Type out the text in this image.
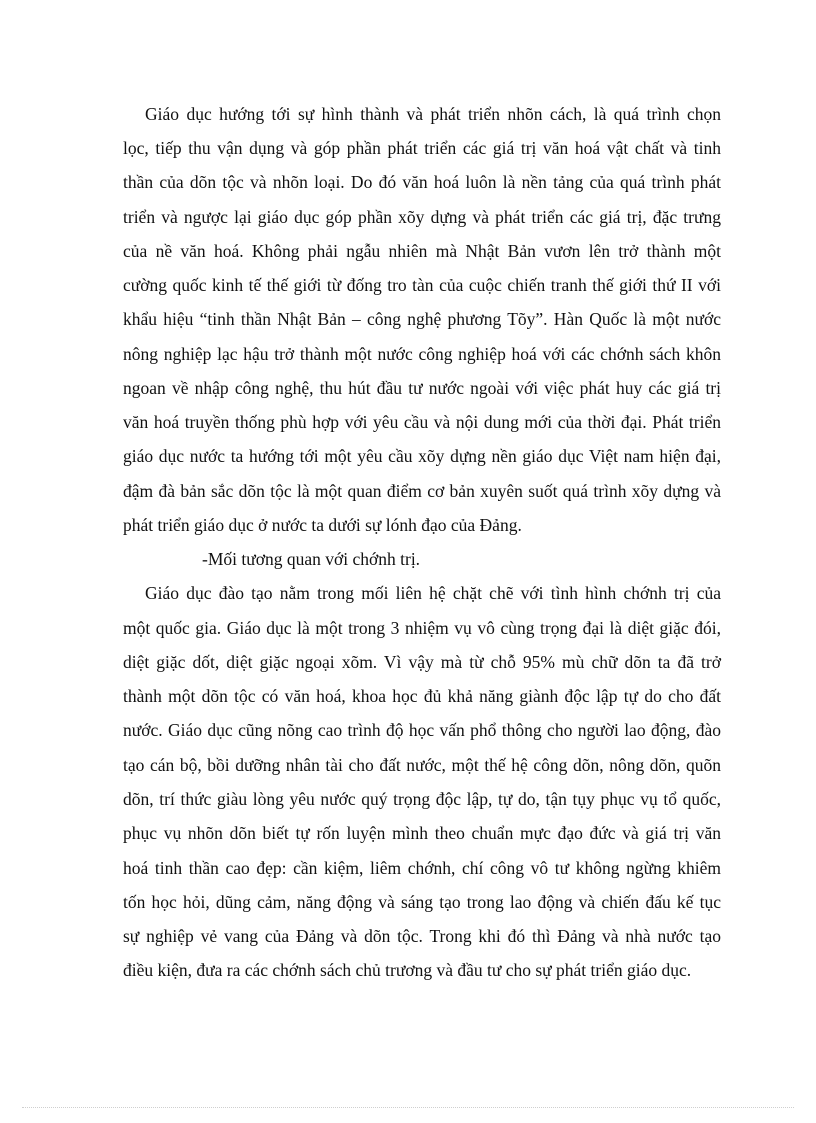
Giáo dục hướng tới sự hình thành và phát triển nhõn cách, là quá trình chọn
lọc, tiếp thu vận dụng và góp phần phát triển các giá trị văn hoá vật chất và tinh
thần của dõn tộc và nhõn loại. Do đó văn hoá luôn là nền tảng của quá trình phát
triển và ngược lại giáo dục góp phần xõy dựng và phát triển các giá trị, đặc trưng
của nề văn hoá. Không phải ngẫu nhiên mà Nhật Bản vươn lên trở thành một
cường quốc kinh tế thế giới từ đống tro tàn của cuộc chiến tranh thế giới thứ II với
khẩu hiệu “tinh thần Nhật Bản – công nghệ phương Tõy”. Hàn Quốc là một nước
nông nghiệp lạc hậu trở thành một nước công nghiệp hoá với các chớnh sách khôn
ngoan về nhập công nghệ, thu hút đầu tư nước ngoài với việc phát huy các giá trị
văn hoá truyền thống phù hợp với yêu cầu và nội dung mới của thời đại. Phát triển
giáo dục nước ta hướng tới một yêu cầu xõy dựng nền giáo dục Việt nam hiện đại,
đậm đà bản sắc dõn tộc là một quan điểm cơ bản xuyên suốt quá trình xõy dựng và
phát triển giáo dục ở nước ta dưới sự lónh đạo của Đảng.
-Mối tương quan với chớnh trị.
Giáo dục đào tạo nằm trong mối liên hệ chặt chẽ với tình hình chớnh trị của
một quốc gia. Giáo dục là một trong 3 nhiệm vụ vô cùng trọng đại là diệt giặc đói,
diệt giặc dốt, diệt giặc ngoại xõm. Vì vậy mà từ chỗ 95% mù chữ dõn ta đã trở
thành một dõn tộc có văn hoá, khoa học đủ khả năng giành độc lập tự do cho đất
nước. Giáo dục cũng nõng cao trình độ học vấn phổ thông cho người lao động, đào
tạo cán bộ, bồi dưỡng nhân tài cho đất nước, một thế hệ công dõn, nông dõn, quõn
dõn, trí thức giàu lòng yêu nước quý trọng độc lập, tự do, tận tụy phục vụ tổ quốc,
phục vụ nhõn dõn biết tự rốn luyện mình theo chuẩn mực đạo đức và giá trị văn
hoá tinh thần cao đẹp: cần kiệm, liêm chớnh, chí công vô tư không ngừng khiêm
tốn học hỏi, dũng cảm, năng động và sáng tạo trong lao động và chiến đấu kế tục
sự nghiệp vẻ vang của Đảng và dõn tộc. Trong khi đó thì Đảng và nhà nước tạo
điều kiện, đưa ra các chớnh sách chủ trương và đầu tư cho sự phát triển giáo dục.
